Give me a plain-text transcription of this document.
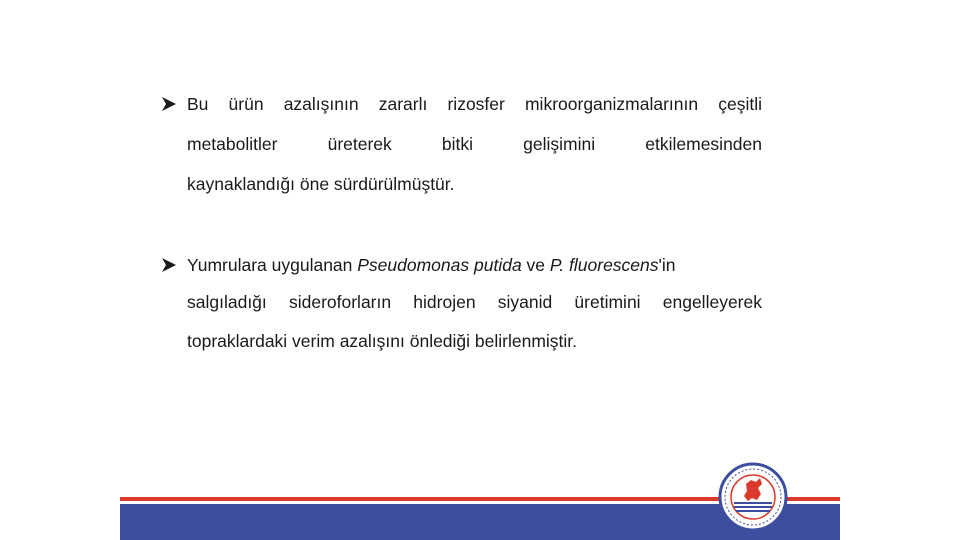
Bu ürün azalışının zararlı rizosfer mikroorganizmalarının çeşitli
metabolitler üreterek bitki gelişimini etkilemesinden
kaynaklandığı öne sürdürülmüştür.
Yumrulara uygulanan Pseudomonas putida ve P. fluorescens'in
salgıladığı sideroforların hidrojen siyanid üretimini engelleyerek
topraklardaki verim azalışını önlediği belirlenmiştir.
